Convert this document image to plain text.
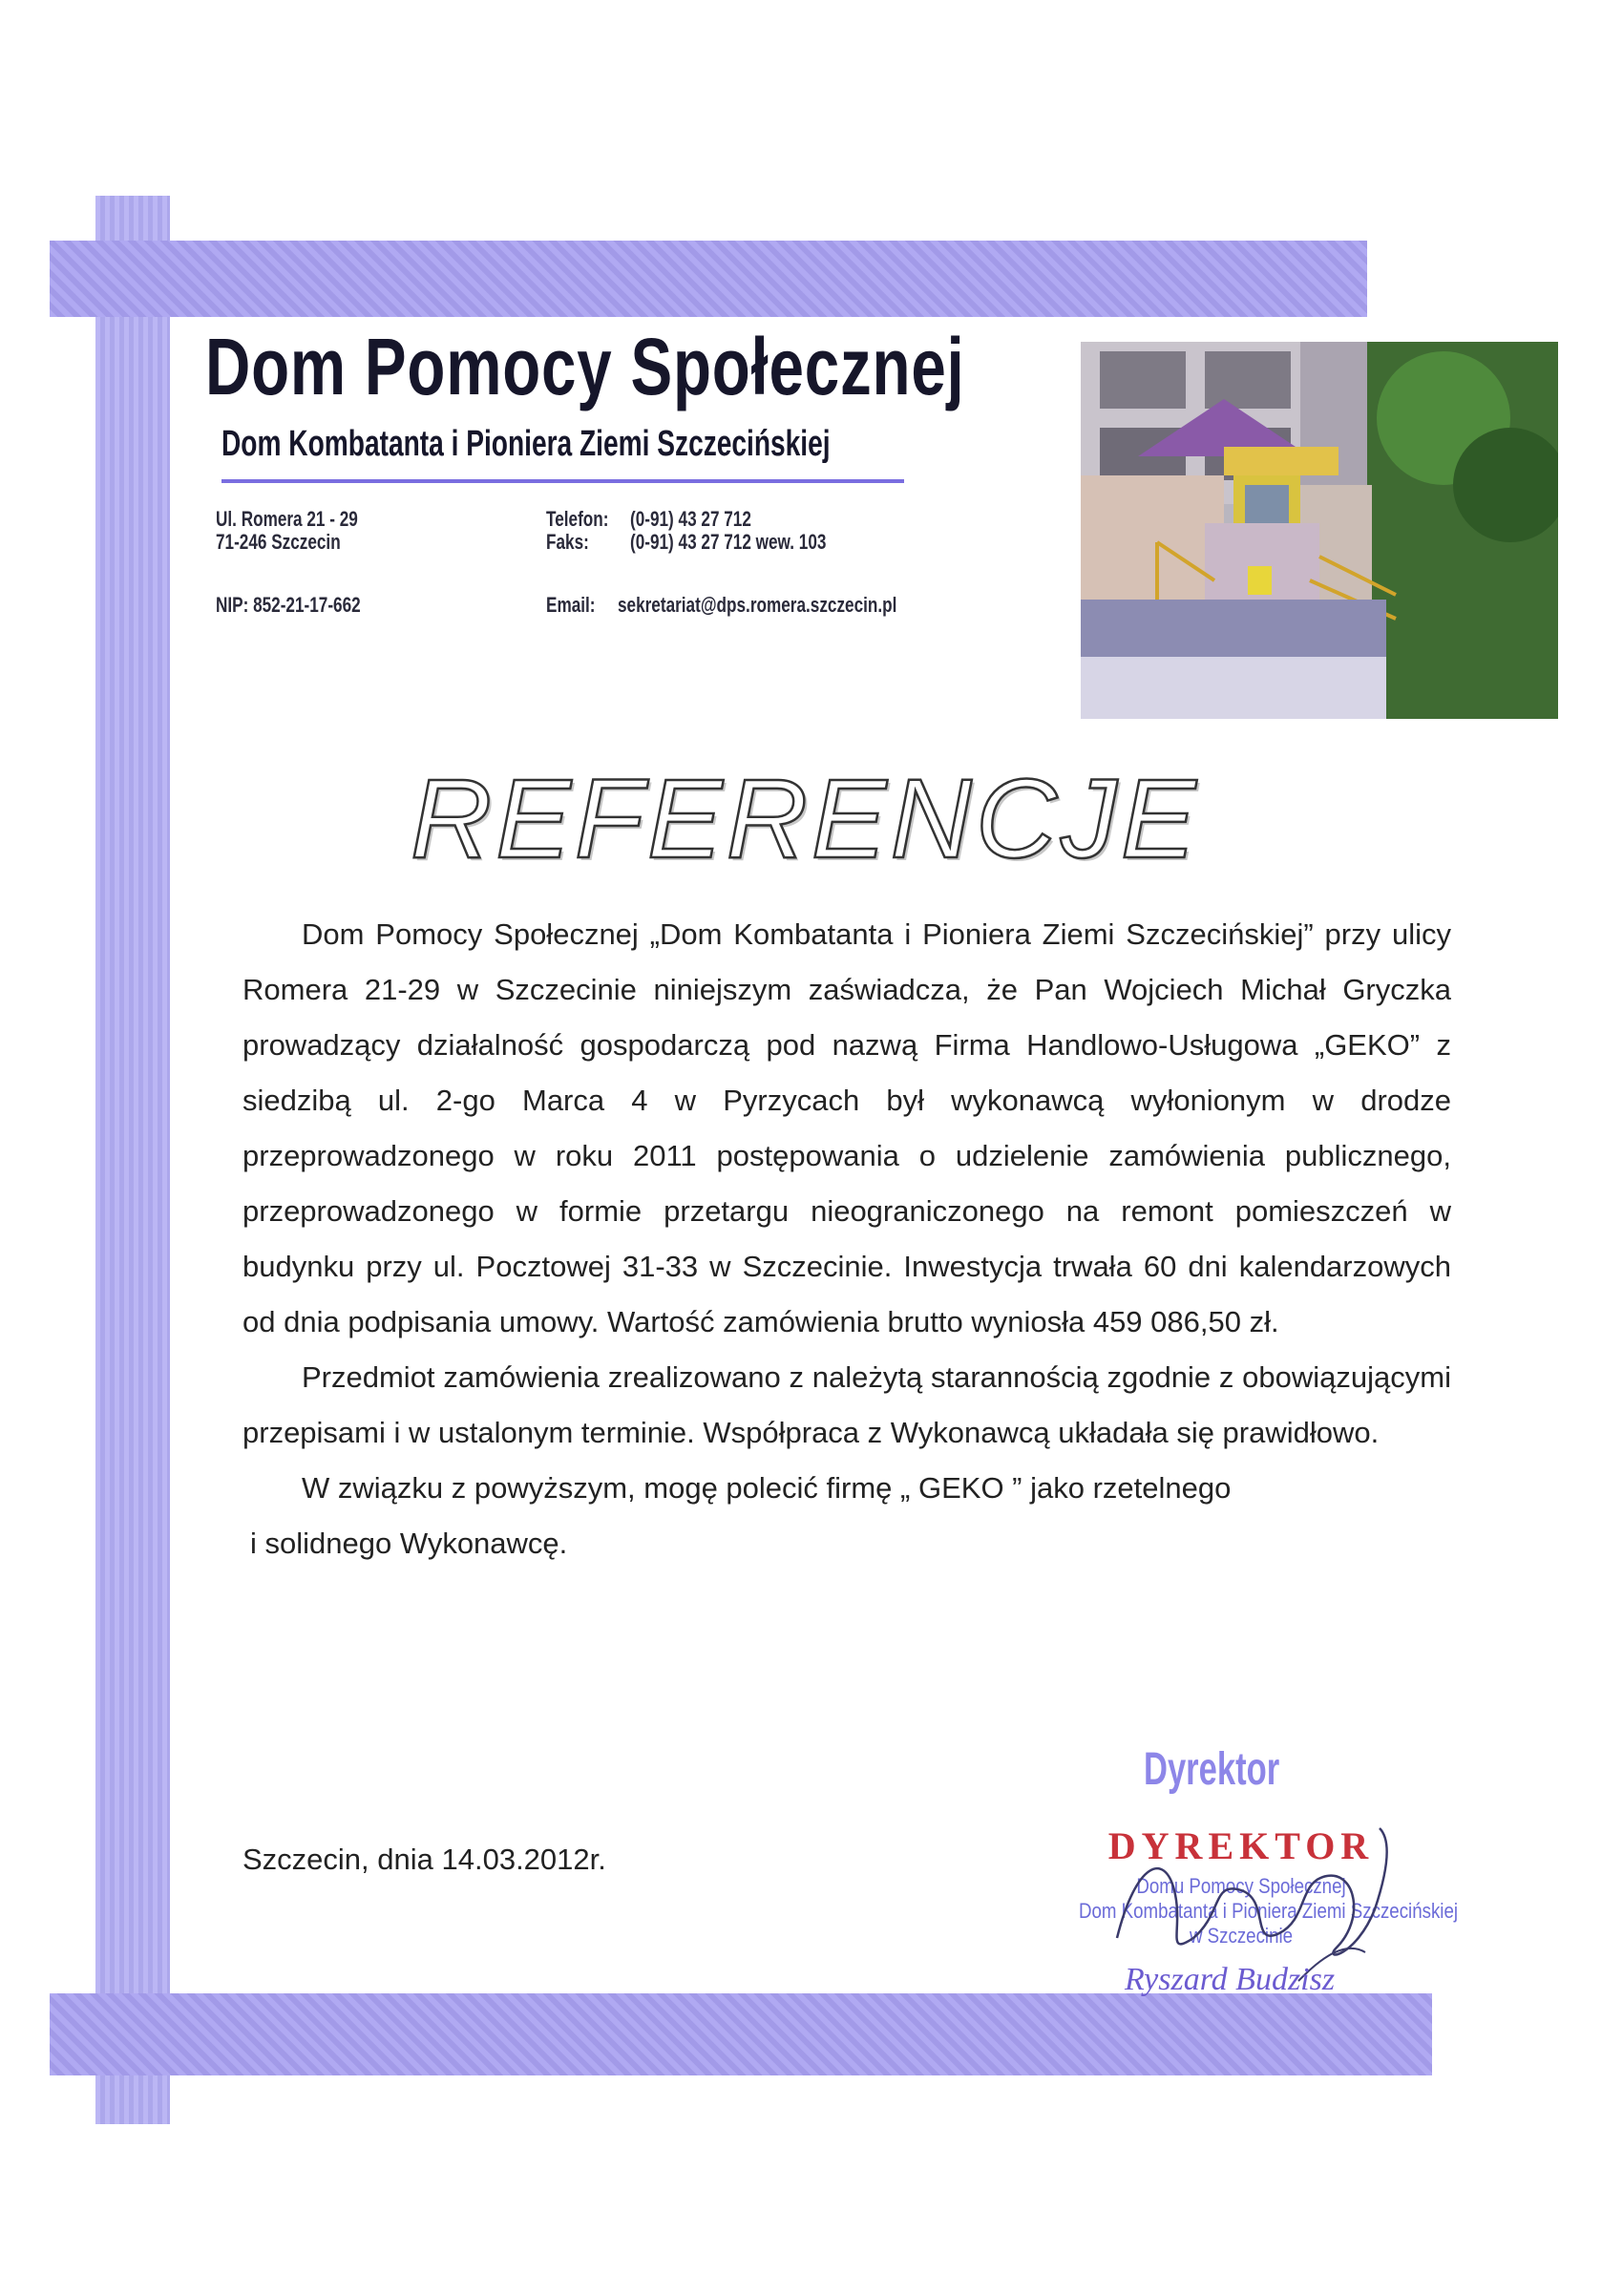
Dom Pomocy Społecznej
Dom Kombatanta i Pioniera Ziemi Szczecińskiej
Ul. Romera 21 - 29
71-246 Szczecin
NIP: 852-21-17-662
Telefon: (0-91) 43 27 712
Faks: (0-91) 43 27 712 wew. 103
Email: sekretariat@dps.romera.szczecin.pl
REFERENCJE

Dom Pomocy Społecznej „Dom Kombatanta i Pioniera Ziemi Szczecińskiej” przy ulicy Romera 21-29 w Szczecinie niniejszym zaświadcza, że Pan Wojciech Michał Gryczka prowadzący działalność gospodarczą pod nazwą Firma Handlowo-Usługowa „GEKO” z siedzibą ul. 2-go Marca 4 w Pyrzycach był wykonawcą wyłonionym w drodze przeprowadzonego w roku 2011 postępowania o udzielenie zamówienia publicznego, przeprowadzonego w formie przetargu nieograniczonego na remont pomieszczeń w budynku przy ul. Pocztowej 31-33 w Szczecinie. Inwestycja trwała 60 dni kalendarzowych od dnia podpisania umowy. Wartość zamówienia brutto wyniosła 459 086,50 zł.

Przedmiot zamówienia zrealizowano z należytą starannością zgodnie z obowiązującymi przepisami i w ustalonym terminie. Współpraca z Wykonawcą układała się prawidłowo.

W związku z powyższym, mogę polecić firmę „ GEKO ” jako rzetelnego

i solidnego Wykonawcę.

Szczecin, dnia 14.03.2012r.
Dyrektor
DYREKTOR
Domu Pomocy Społecznej
Dom Kombatanta i Pioniera Ziemi Szczecińskiej
w Szczecinie
Ryszard Budzisz
